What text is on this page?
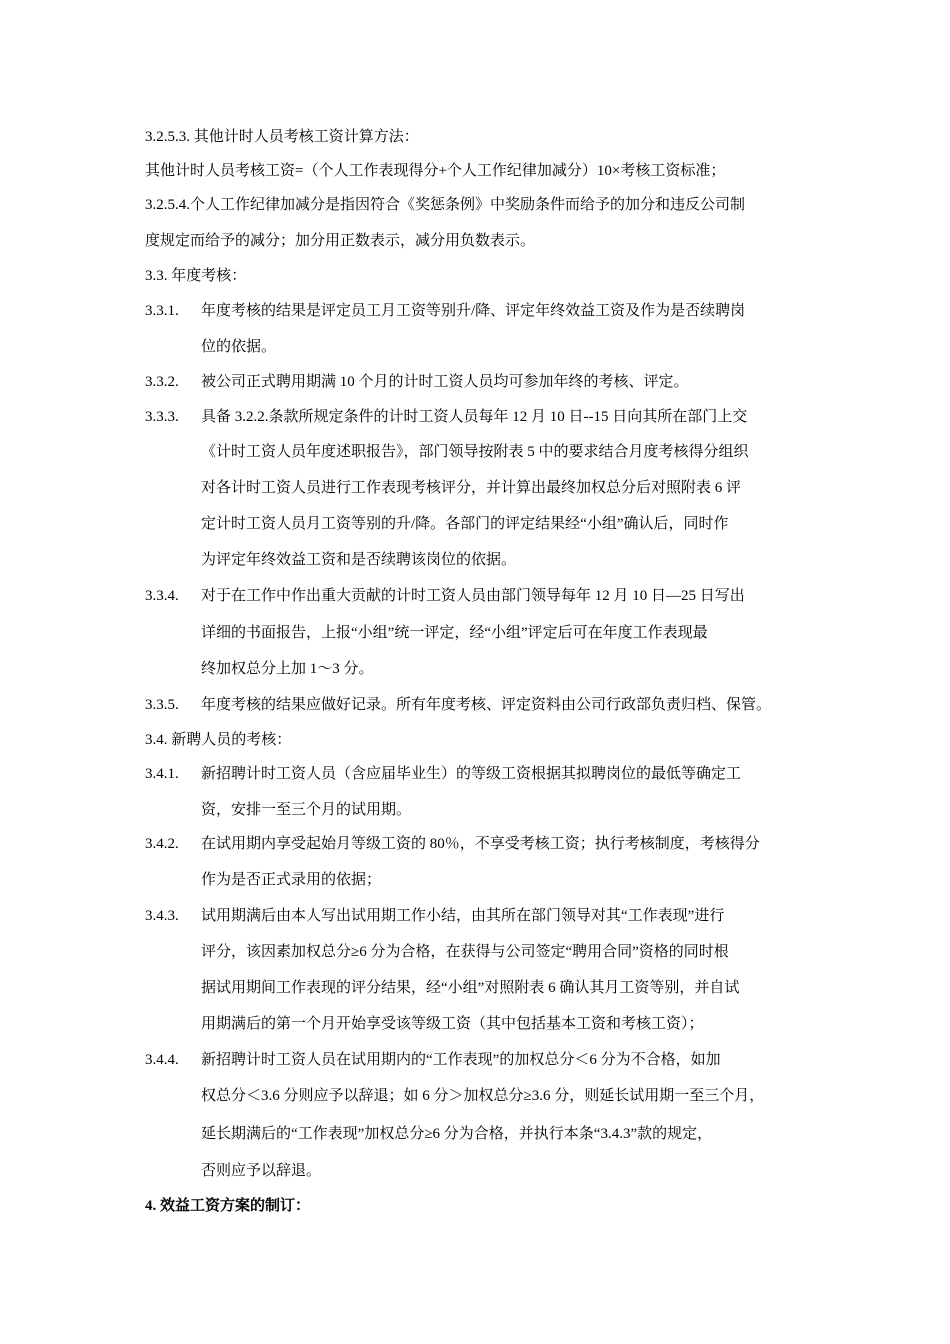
3.2.5.3. 其他计时人员考核工资计算方法：
其他计时人员考核工资=（个人工作表现得分+个人工作纪律加减分）10×考核工资标准；
3.2.5.4.个人工作纪律加减分是指因符合《奖惩条例》中奖励条件而给予的加分和违反公司制
度规定而给予的减分；加分用正数表示，减分用负数表示。
3.3. 年度考核：
3.3.1. 年度考核的结果是评定员工月工资等别升/降、评定年终效益工资及作为是否续聘岗
位的依据。
3.3.2. 被公司正式聘用期满 10 个月的计时工资人员均可参加年终的考核、评定。
3.3.3. 具备 3.2.2.条款所规定条件的计时工资人员每年 12 月 10 日--15 日向其所在部门上交
《计时工资人员年度述职报告》，部门领导按附表 5 中的要求结合月度考核得分组织
对各计时工资人员进行工作表现考核评分，并计算出最终加权总分后对照附表 6 评
定计时工资人员月工资等别的升/降。各部门的评定结果经“小组”确认后，同时作
为评定年终效益工资和是否续聘该岗位的依据。
3.3.4. 对于在工作中作出重大贡献的计时工资人员由部门领导每年 12 月 10 日—25 日写出
详细的书面报告，上报“小组”统一评定，经“小组”评定后可在年度工作表现最
终加权总分上加 1～3 分。
3.3.5. 年度考核的结果应做好记录。所有年度考核、评定资料由公司行政部负责归档、保管。
3.4. 新聘人员的考核：
3.4.1. 新招聘计时工资人员（含应届毕业生）的等级工资根据其拟聘岗位的最低等确定工
资，安排一至三个月的试用期。
3.4.2. 在试用期内享受起始月等级工资的 80％，不享受考核工资；执行考核制度，考核得分
作为是否正式录用的依据；
3.4.3. 试用期满后由本人写出试用期工作小结，由其所在部门领导对其“工作表现”进行
评分，该因素加权总分≥6 分为合格，在获得与公司签定“聘用合同”资格的同时根
据试用期间工作表现的评分结果，经“小组”对照附表 6 确认其月工资等别，并自试
用期满后的第一个月开始享受该等级工资（其中包括基本工资和考核工资）；
3.4.4. 新招聘计时工资人员在试用期内的“工作表现”的加权总分＜6 分为不合格，如加
权总分＜3.6 分则应予以辞退；如 6 分＞加权总分≥3.6 分，则延长试用期一至三个月，
延长期满后的“工作表现”加权总分≥6 分为合格，并执行本条“3.4.3”款的规定，
否则应予以辞退。
4. 效益工资方案的制订：
